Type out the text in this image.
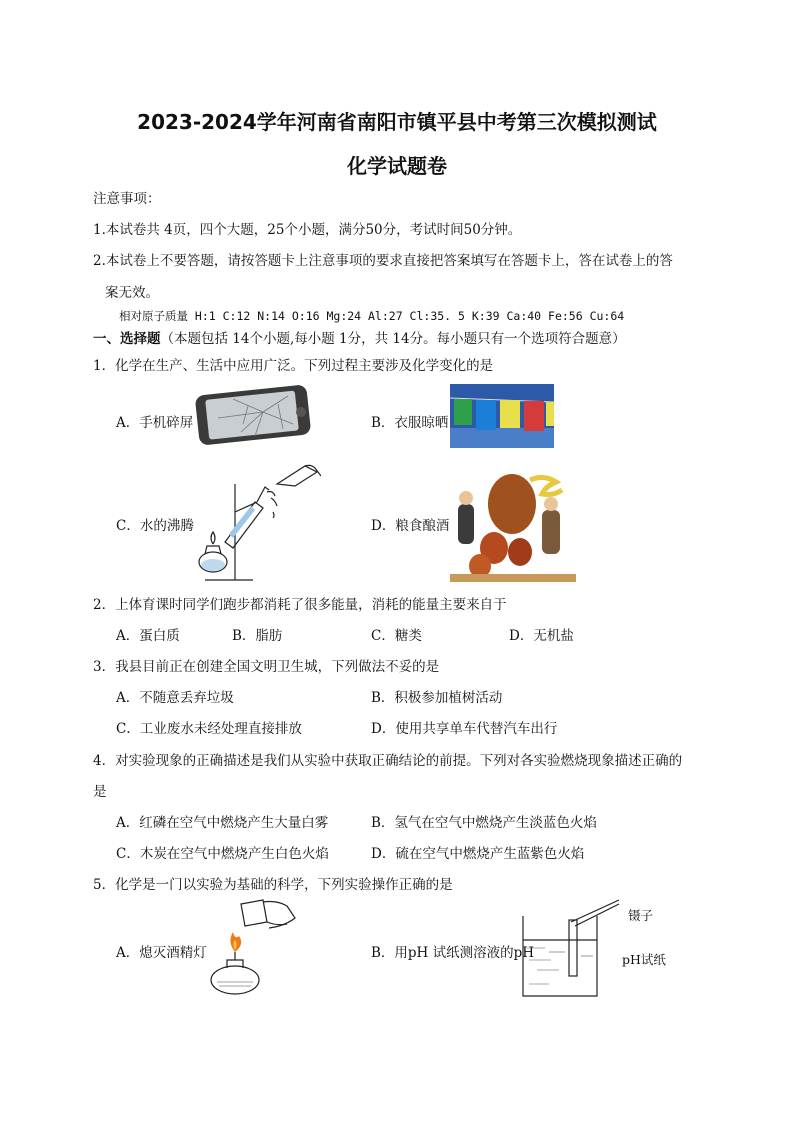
2023-2024学年河南省南阳市镇平县中考第三次模拟测试
化学试题卷
注意事项：
1.本试卷共 4页，四个大题，25个小题，满分50分，考试时间50分钟。
2.本试卷上不要答题，请按答题卡上注意事项的要求直接把答案填写在答题卡上，答在试卷上的答
案无效。
相对原子质量 H:1 C:12 N:14 O:16 Mg:24 Al:27 Cl:35. 5 K:39 Ca:40 Fe:56 Cu:64
一、选择题（本题包括 14个小题,每小题 1分，共 14分。每小题只有一个选项符合题意）
1．化学在生产、生活中应用广泛。下列过程主要涉及化学变化的是
A．手机碎屏	B．衣服晾晒
C．水的沸腾	D．粮食酿酒
2．上体育课时同学们跑步都消耗了很多能量，消耗的能量主要来自于
A．蛋白质	B．脂肪	C．糖类	D．无机盐
3．我县目前正在创建全国文明卫生城，下列做法不妥的是
A．不随意丢弃垃圾	B．积极参加植树活动
C．工业废水未经处理直接排放	D．使用共享单车代替汽车出行
4．对实验现象的正确描述是我们从实验中获取正确结论的前提。下列对各实验燃烧现象描述正确的
是
A．红磷在空气中燃烧产生大量白雾	B．氢气在空气中燃烧产生淡蓝色火焰
C．木炭在空气中燃烧产生白色火焰	D．硫在空气中燃烧产生蓝紫色火焰
5．化学是一门以实验为基础的科学，下列实验操作正确的是
A．熄灭酒精灯	B．用pH 试纸测溶液的pH
镊子
pH试纸
